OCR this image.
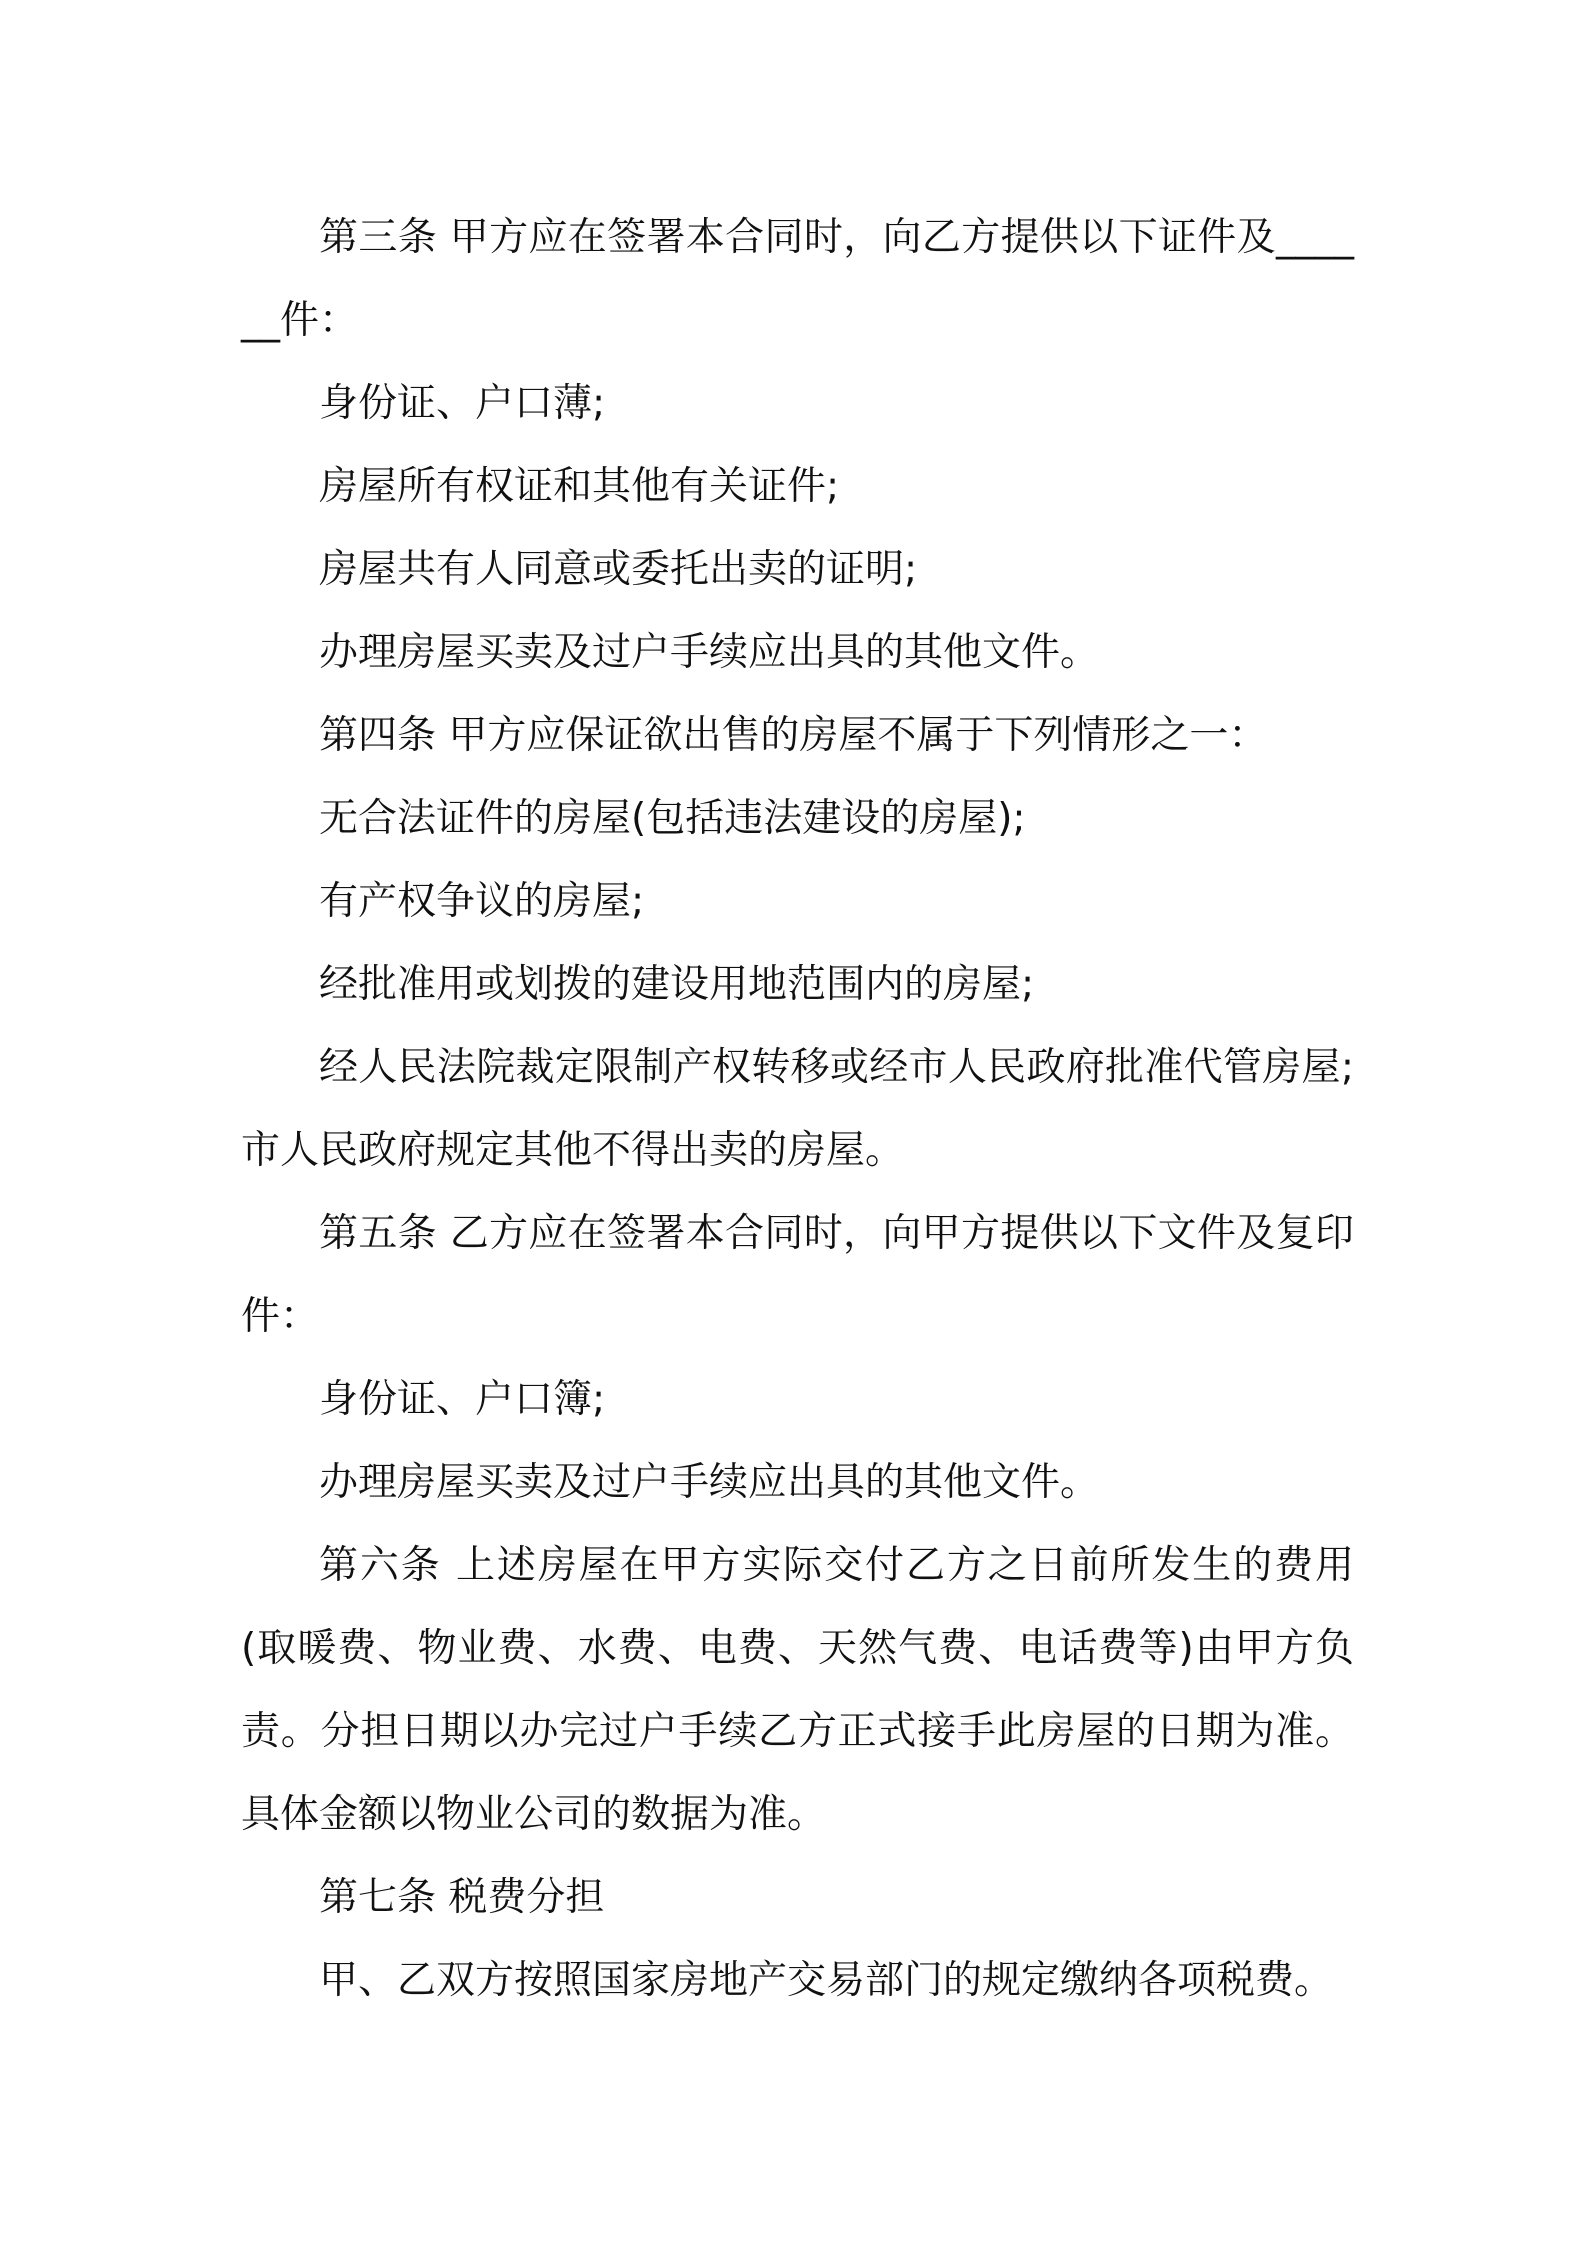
第三条 甲方应在签署本合同时，向乙方提供以下证件及______件：

身份证、户口薄;

房屋所有权证和其他有关证件;

房屋共有人同意或委托出卖的证明;

办理房屋买卖及过户手续应出具的其他文件。

第四条 甲方应保证欲出售的房屋不属于下列情形之一：

无合法证件的房屋(包括违法建设的房屋);

有产权争议的房屋;

经批准用或划拨的建设用地范围内的房屋;

经人民法院裁定限制产权转移或经市人民政府批准代管房屋;市人民政府规定其他不得出卖的房屋。

第五条 乙方应在签署本合同时，向甲方提供以下文件及复印件：

身份证、户口簿;

办理房屋买卖及过户手续应出具的其他文件。

第六条 上述房屋在甲方实际交付乙方之日前所发生的费用(取暖费、物业费、水费、电费、天然气费、电话费等)由甲方负责。分担日期以办完过户手续乙方正式接手此房屋的日期为准。具体金额以物业公司的数据为准。

第七条 税费分担

甲、乙双方按照国家房地产交易部门的规定缴纳各项税费。
